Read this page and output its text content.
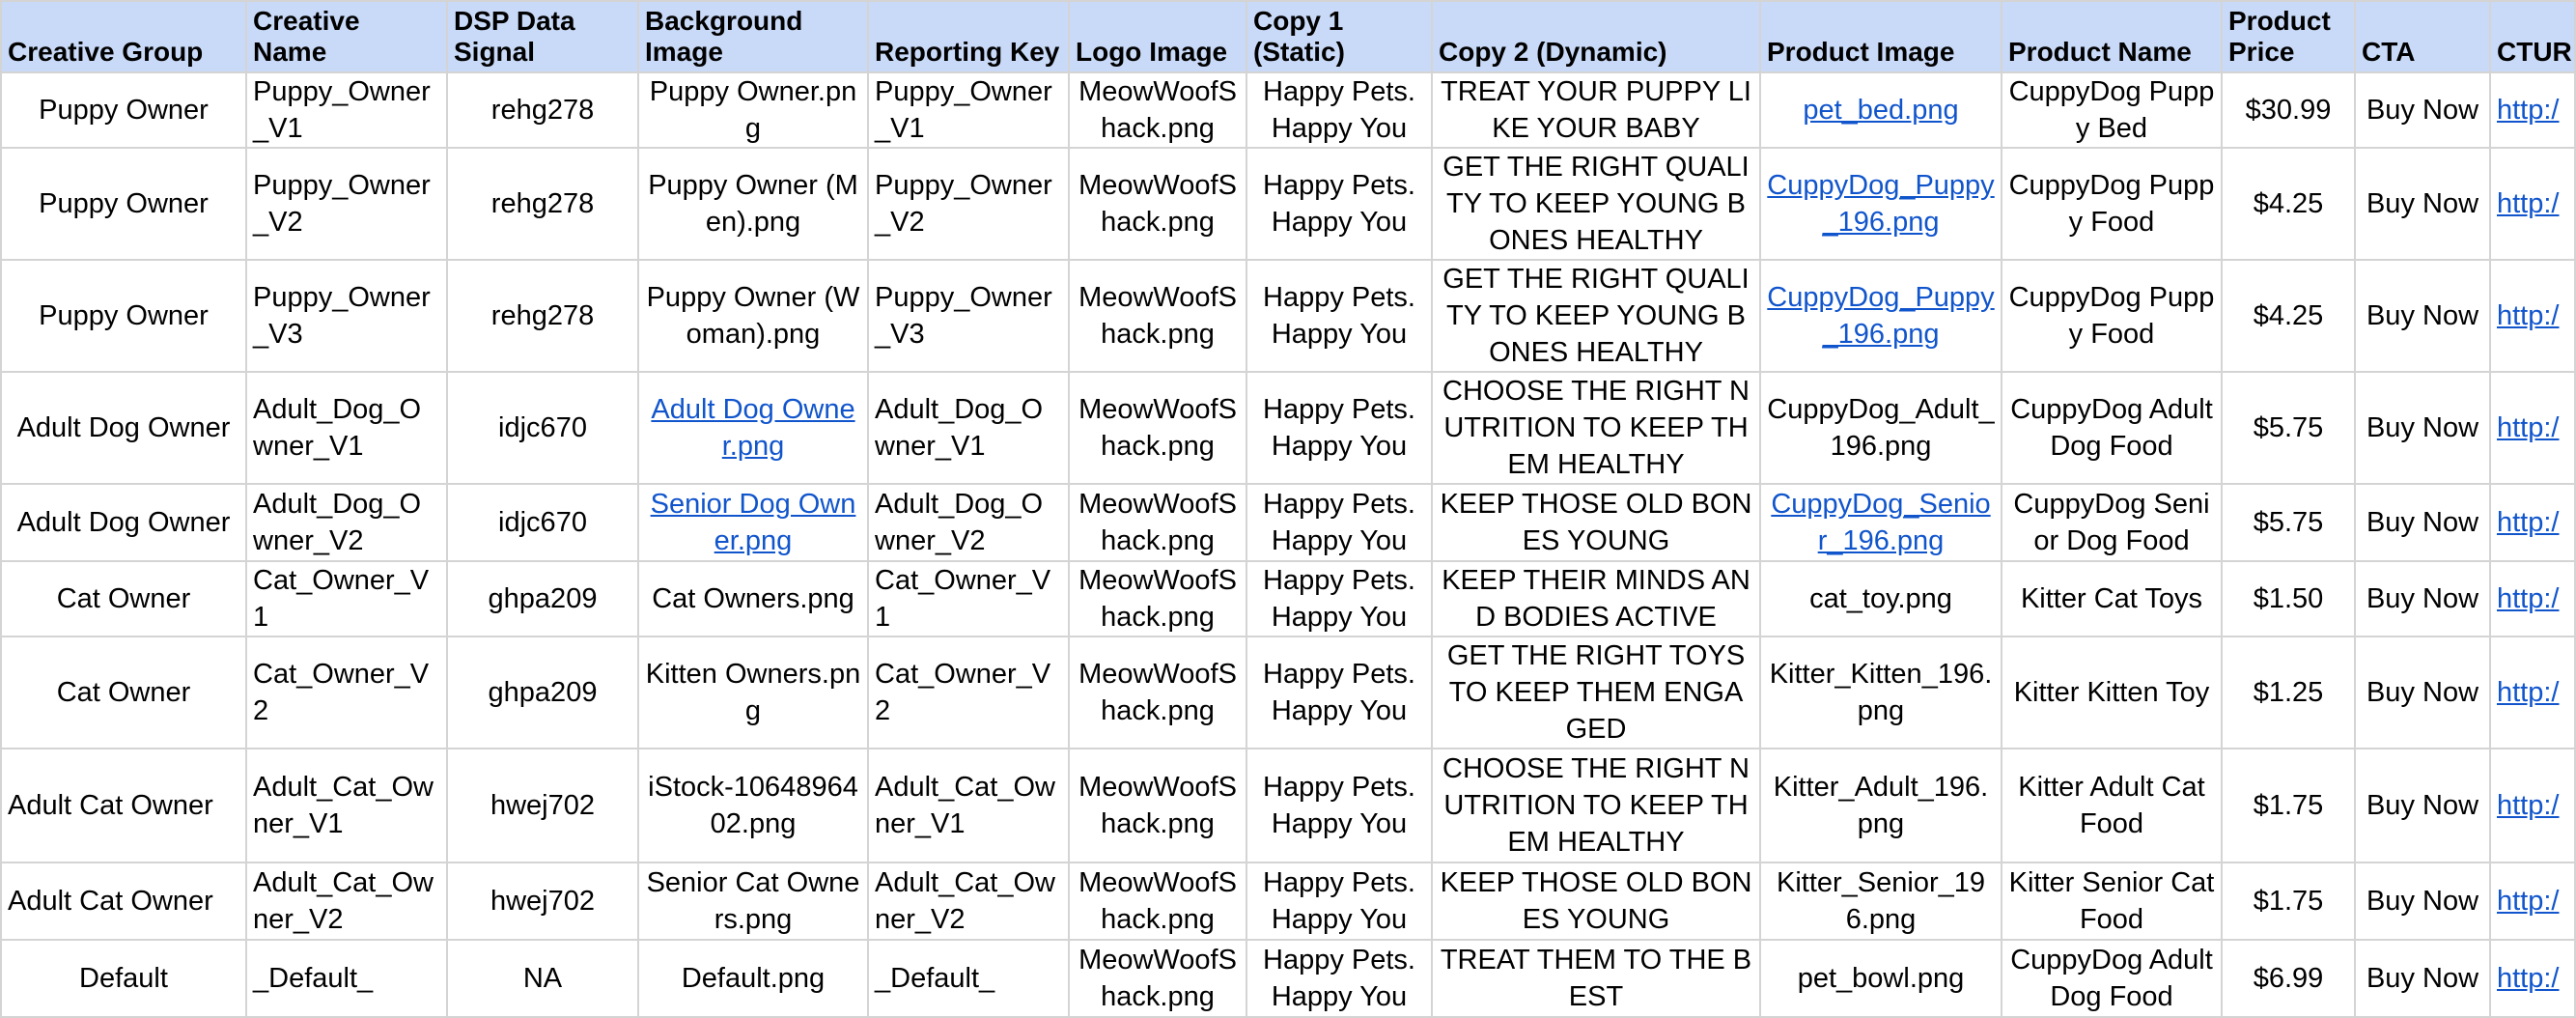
Creative Group	Creative Name	DSP Data Signal	Background Image	Reporting Key	Logo Image	Copy 1 (Static)	Copy 2 (Dynamic)	Product Image	Product Name	Product Price	CTA	CTUR
Puppy Owner	Puppy_Owner_V1	rehg278	Puppy Owner.png	Puppy_Owner_V1	MeowWoofShack.png	Happy Pets. Happy You	TREAT YOUR PUPPY LIKE YOUR BABY	pet_bed.png	CuppyDog Puppy Bed	$30.99	Buy Now	http:/
Puppy Owner	Puppy_Owner_V2	rehg278	Puppy Owner (Men).png	Puppy_Owner_V2	MeowWoofShack.png	Happy Pets. Happy You	GET THE RIGHT QUALITY TO KEEP YOUNG BONES HEALTHY	CuppyDog_Puppy_196.png	CuppyDog Puppy Food	$4.25	Buy Now	http:/
Puppy Owner	Puppy_Owner_V3	rehg278	Puppy Owner (Woman).png	Puppy_Owner_V3	MeowWoofShack.png	Happy Pets. Happy You	GET THE RIGHT QUALITY TO KEEP YOUNG BONES HEALTHY	CuppyDog_Puppy_196.png	CuppyDog Puppy Food	$4.25	Buy Now	http:/
Adult Dog Owner	Adult_Dog_Owner_V1	idjc670	Adult Dog Owner.png	Adult_Dog_Owner_V1	MeowWoofShack.png	Happy Pets. Happy You	CHOOSE THE RIGHT NUTRITION TO KEEP THEM HEALTHY	CuppyDog_Adult_196.png	CuppyDog Adult Dog Food	$5.75	Buy Now	http:/
Adult Dog Owner	Adult_Dog_Owner_V2	idjc670	Senior Dog Owner.png	Adult_Dog_Owner_V2	MeowWoofShack.png	Happy Pets. Happy You	KEEP THOSE OLD BONES YOUNG	CuppyDog_Senior_196.png	CuppyDog Senior Dog Food	$5.75	Buy Now	http:/
Cat Owner	Cat_Owner_V1	ghpa209	Cat Owners.png	Cat_Owner_V1	MeowWoofShack.png	Happy Pets. Happy You	KEEP THEIR MINDS AND BODIES ACTIVE	cat_toy.png	Kitter Cat Toys	$1.50	Buy Now	http:/
Cat Owner	Cat_Owner_V2	ghpa209	Kitten Owners.png	Cat_Owner_V2	MeowWoofShack.png	Happy Pets. Happy You	GET THE RIGHT TOYS TO KEEP THEM ENGAGED	Kitter_Kitten_196.png	Kitter Kitten Toy	$1.25	Buy Now	http:/
Adult Cat Owner	Adult_Cat_Owner_V1	hwej702	iStock-1064896402.png	Adult_Cat_Owner_V1	MeowWoofShack.png	Happy Pets. Happy You	CHOOSE THE RIGHT NUTRITION TO KEEP THEM HEALTHY	Kitter_Adult_196.png	Kitter Adult Cat Food	$1.75	Buy Now	http:/
Adult Cat Owner	Adult_Cat_Owner_V2	hwej702	Senior Cat Owners.png	Adult_Cat_Owner_V2	MeowWoofShack.png	Happy Pets. Happy You	KEEP THOSE OLD BONES YOUNG	Kitter_Senior_196.png	Kitter Senior Cat Food	$1.75	Buy Now	http:/
Default	_Default_	NA	Default.png	_Default_	MeowWoofShack.png	Happy Pets. Happy You	TREAT THEM TO THE BEST	pet_bowl.png	CuppyDog Adult Dog Food	$6.99	Buy Now	http:/
